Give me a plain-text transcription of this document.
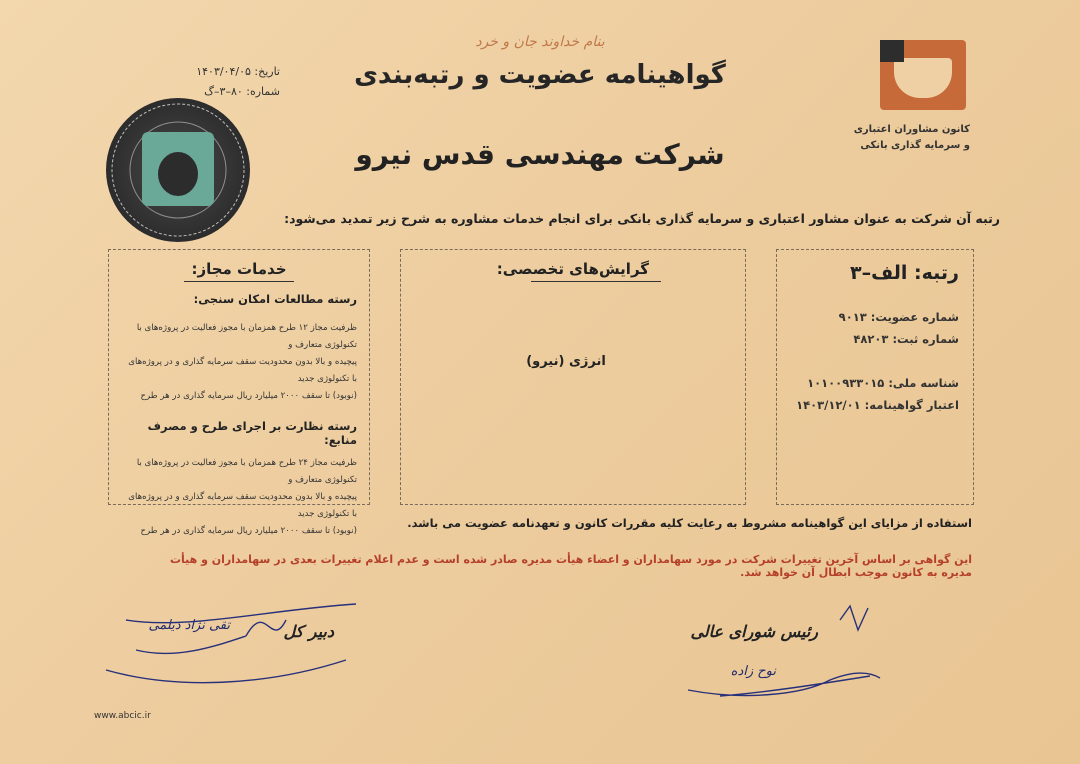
بنام خداوند جان و خرد
گواهینامه عضویت و رتبه‌بندی
تاریخ: ۱۴۰۳/۰۴/۰۵
شماره: ۸۰–۳–گ
کانون مشاوران اعتباری
و سرمایه گذاری بانکی
شرکت مهندسی قدس نیرو
رتبه آن شرکت به عنوان مشاور اعتباری و سرمایه گذاری بانکی برای انجام خدمات مشاوره به شرح زیر تمدید می‌شود:
خدمات مجاز:
رسته مطالعات امکان سنجی:
ظرفیت مجاز ۱۲ طرح همزمان با مجوز فعالیت در پروژه‌های با تکنولوژی متعارف و
پیچیده و بالا بدون محدودیت سقف سرمایه گذاری و در پروژه‌های با تکنولوژی جدید
(نوبود) تا سقف ۲۰۰۰ میلیارد ریال سرمایه گذاری در هر طرح
رسته نظارت بر اجرای طرح و مصرف منابع:
ظرفیت مجاز ۲۴ طرح همزمان با مجوز فعالیت در پروژه‌های با تکنولوژی متعارف و
پیچیده و بالا بدون محدودیت سقف سرمایه گذاری و در پروژه‌های با تکنولوژی جدید
(نوبود) تا سقف ۲۰۰۰ میلیارد ریال سرمایه گذاری در هر طرح
گرایش‌های تخصصی:
انرژی (نیرو)
رتبه: الف–۳
شماره عضویت: ۹۰۱۳
شماره ثبت: ۴۸۲۰۳
شناسه ملی: ۱۰۱۰۰۹۳۳۰۱۵
اعتبار گواهینامه: ۱۴۰۳/۱۲/۰۱
استفاده از مزایای این گواهینامه مشروط به رعایت کلیه مقررات کانون و تعهدنامه عضویت می باشد.
این گواهی بر اساس آخرین تغییرات شرکت در مورد سهامداران و اعضاء هیأت مدیره صادر شده است و عدم اعلام تغییرات بعدی در سهامداران و هیأت مدیره به کانون موجب ابطال آن خواهد شد.
دبیر کل
تقی نژاد دیلمی	رئیس شورای عالی
نوح زاده
www.abcic.ir
